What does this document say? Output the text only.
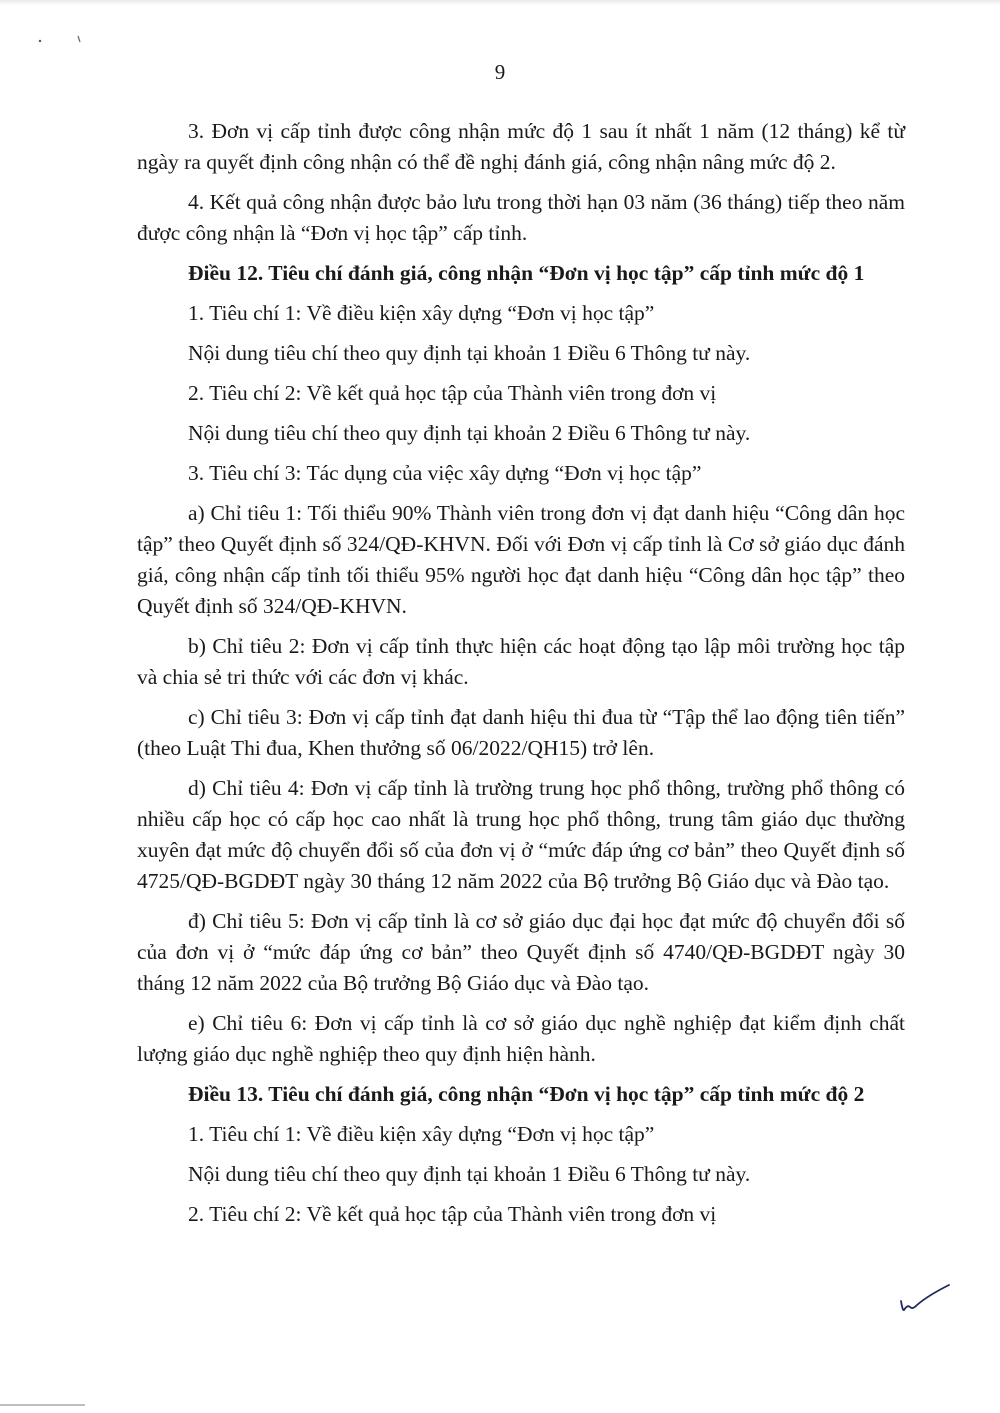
9

3. Đơn vị cấp tỉnh được công nhận mức độ 1 sau ít nhất 1 năm (12 tháng) kể từ ngày ra quyết định công nhận có thể đề nghị đánh giá, công nhận nâng mức độ 2.

4. Kết quả công nhận được bảo lưu trong thời hạn 03 năm (36 tháng) tiếp theo năm được công nhận là “Đơn vị học tập” cấp tỉnh.

Điều 12. Tiêu chí đánh giá, công nhận “Đơn vị học tập” cấp tỉnh mức độ 1

1. Tiêu chí 1: Về điều kiện xây dựng “Đơn vị học tập”

Nội dung tiêu chí theo quy định tại khoản 1 Điều 6 Thông tư này.

2. Tiêu chí 2: Về kết quả học tập của Thành viên trong đơn vị

Nội dung tiêu chí theo quy định tại khoản 2 Điều 6 Thông tư này.

3. Tiêu chí 3: Tác dụng của việc xây dựng “Đơn vị học tập”

a) Chỉ tiêu 1: Tối thiểu 90% Thành viên trong đơn vị đạt danh hiệu “Công dân học tập” theo Quyết định số 324/QĐ-KHVN. Đối với Đơn vị cấp tỉnh là Cơ sở giáo dục đánh giá, công nhận cấp tỉnh tối thiểu 95% người học đạt danh hiệu “Công dân học tập” theo Quyết định số 324/QĐ-KHVN.

b) Chỉ tiêu 2: Đơn vị cấp tỉnh thực hiện các hoạt động tạo lập môi trường học tập và chia sẻ tri thức với các đơn vị khác.

c) Chỉ tiêu 3: Đơn vị cấp tỉnh đạt danh hiệu thi đua từ “Tập thể lao động tiên tiến” (theo Luật Thi đua, Khen thưởng số 06/2022/QH15) trở lên.

d) Chỉ tiêu 4: Đơn vị cấp tỉnh là trường trung học phổ thông, trường phổ thông có nhiều cấp học có cấp học cao nhất là trung học phổ thông, trung tâm giáo dục thường xuyên đạt mức độ chuyển đổi số của đơn vị ở “mức đáp ứng cơ bản” theo Quyết định số 4725/QĐ-BGDĐT ngày 30 tháng 12 năm 2022 của Bộ trưởng Bộ Giáo dục và Đào tạo.

đ) Chỉ tiêu 5: Đơn vị cấp tỉnh là cơ sở giáo dục đại học đạt mức độ chuyển đổi số của đơn vị ở “mức đáp ứng cơ bản” theo Quyết định số 4740/QĐ-BGDĐT ngày 30 tháng 12 năm 2022 của Bộ trưởng Bộ Giáo dục và Đào tạo.

e) Chỉ tiêu 6: Đơn vị cấp tỉnh là cơ sở giáo dục nghề nghiệp đạt kiểm định chất lượng giáo dục nghề nghiệp theo quy định hiện hành.

Điều 13. Tiêu chí đánh giá, công nhận “Đơn vị học tập” cấp tỉnh mức độ 2

1. Tiêu chí 1: Về điều kiện xây dựng “Đơn vị học tập”

Nội dung tiêu chí theo quy định tại khoản 1 Điều 6 Thông tư này.

2. Tiêu chí 2: Về kết quả học tập của Thành viên trong đơn vị
